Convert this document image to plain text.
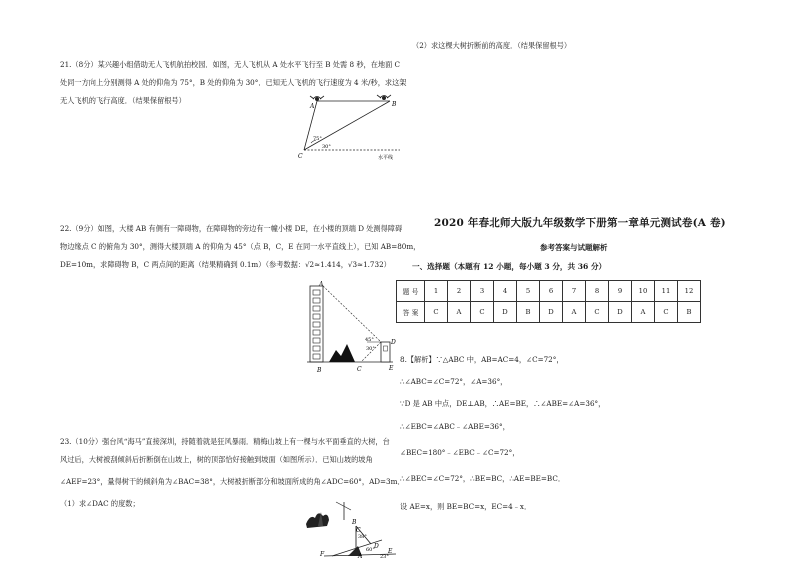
21.（8分）某兴趣小组借助无人飞机航拍校园．如图，无人飞机从 A 处水平飞行至 B 处需 8 秒，在地面 C
处同一方向上分别测得 A 处的仰角为 75°，B 处的仰角为 30°．已知无人飞机的飞行速度为 4 米/秒，求这架
无人飞机的飞行高度．（结果保留根号）
A	B
C
75°
30°
水平线
22.（9分）如图，大楼 AB 有侧有一障碍物，在障碍物的旁边有一幢小楼 DE，在小楼的顶端 D 处测得障碍
物边缘点 C 的俯角为 30°，测得大楼顶端 A 的仰角为 45°（点 B，C，E 在同一水平直线上），已知 AB=80m，
DE=10m，求障碍物 B，C 两点间的距离（结果精确到 0.1m）（参考数据：√2≈1.414，√3≈1.732）
A
B	C
D
E
45°
30°
23.（10分）强台风“海马”直接深圳，持随着就是狂风暴雨．精梅山坡上有一棵与水平面垂直的大树，台
风过后，大树被刮倾斜后折断倒在山坡上，树的顶部恰好接触到坡面（如图所示）．已知山坡的坡角
∠AEF=23°，量得树干的倾斜角为∠BAC=38°，大树被折断部分和坡面所成的角∠ADC=60°，AD=3m．
（1）求∠DAC 的度数；
F	A
B
C
D
E
38°
60°
23°
（2）求这棵大树折断前的高度．（结果保留根号）
2020 年春北师大版九年级数学下册第一章单元测试卷(A 卷)
参考答案与试题解析
一、选择题（本题有 12 小题，每小题 3 分，共 36 分）
题 号	1	2	3	4	5	6	7	8	9	10	11	12
答 案	C	A	C	D	B	D	A	C	D	A	C	B
8.【解析】∵△ABC 中，AB=AC=4，∠C=72°，
∴∠ABC=∠C=72°，∠A=36°，
∵D 是 AB 中点，DE⊥AB，∴AE=BE，∴∠ABE=∠A=36°，
∴∠EBC=∠ABC﹣∠ABE=36°，
∠BEC=180°﹣∠EBC﹣∠C=72°，
∴∠BEC=∠C=72°，∴BE=BC，∴AE=BE=BC．
设 AE=x，则 BE=BC=x，EC=4﹣x．
